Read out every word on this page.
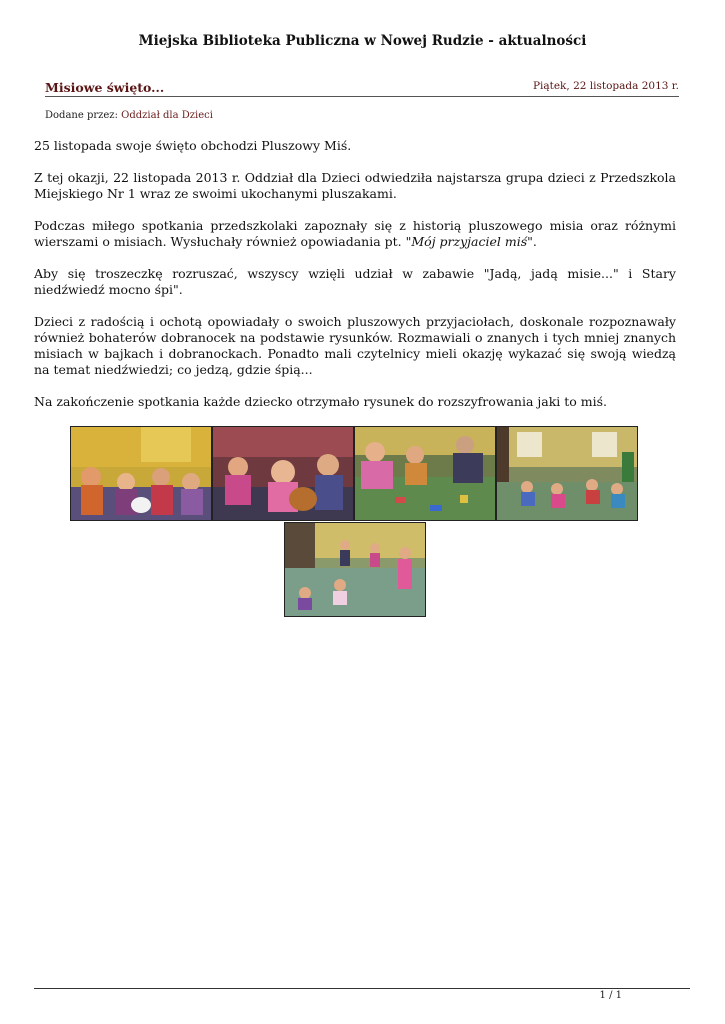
Miejska Biblioteka Publiczna w Nowej Rudzie - aktualności
Misiowe święto...	Piątek, 22 listopada 2013 r.
Dodane przez: Oddział dla Dzieci

25 listopada swoje święto obchodzi Pluszowy Miś.

Z tej okazji, 22 listopada 2013 r. Oddział dla Dzieci odwiedziła najstarsza grupa dzieci z Przedszkola Miejskiego Nr 1 wraz ze swoimi ukochanymi pluszakami.

Podczas miłego spotkania przedszkolaki zapoznały się z historią pluszowego misia oraz różnymi wierszami o misiach. Wysłuchały również opowiadania pt. "Mój przyjaciel miś".

Aby się troszeczkę rozruszać, wszyscy wzięli udział w zabawie "Jadą, jadą misie..." i Stary niedźwiedź mocno śpi".

Dzieci z radością i ochotą opowiadały o swoich pluszowych przyjaciołach, doskonale rozpoznawały również bohaterów dobranocek na podstawie rysunków. Rozmawiali o znanych i tych mniej znanych misiach w bajkach i dobranockach. Ponadto mali czytelnicy mieli okazję wykazać się swoją wiedzą na temat niedźwiedzi; co jedzą, gdzie śpią...

Na zakończenie spotkania każde dziecko otrzymało rysunek do rozszyfrowania jaki to miś.

1 / 1
